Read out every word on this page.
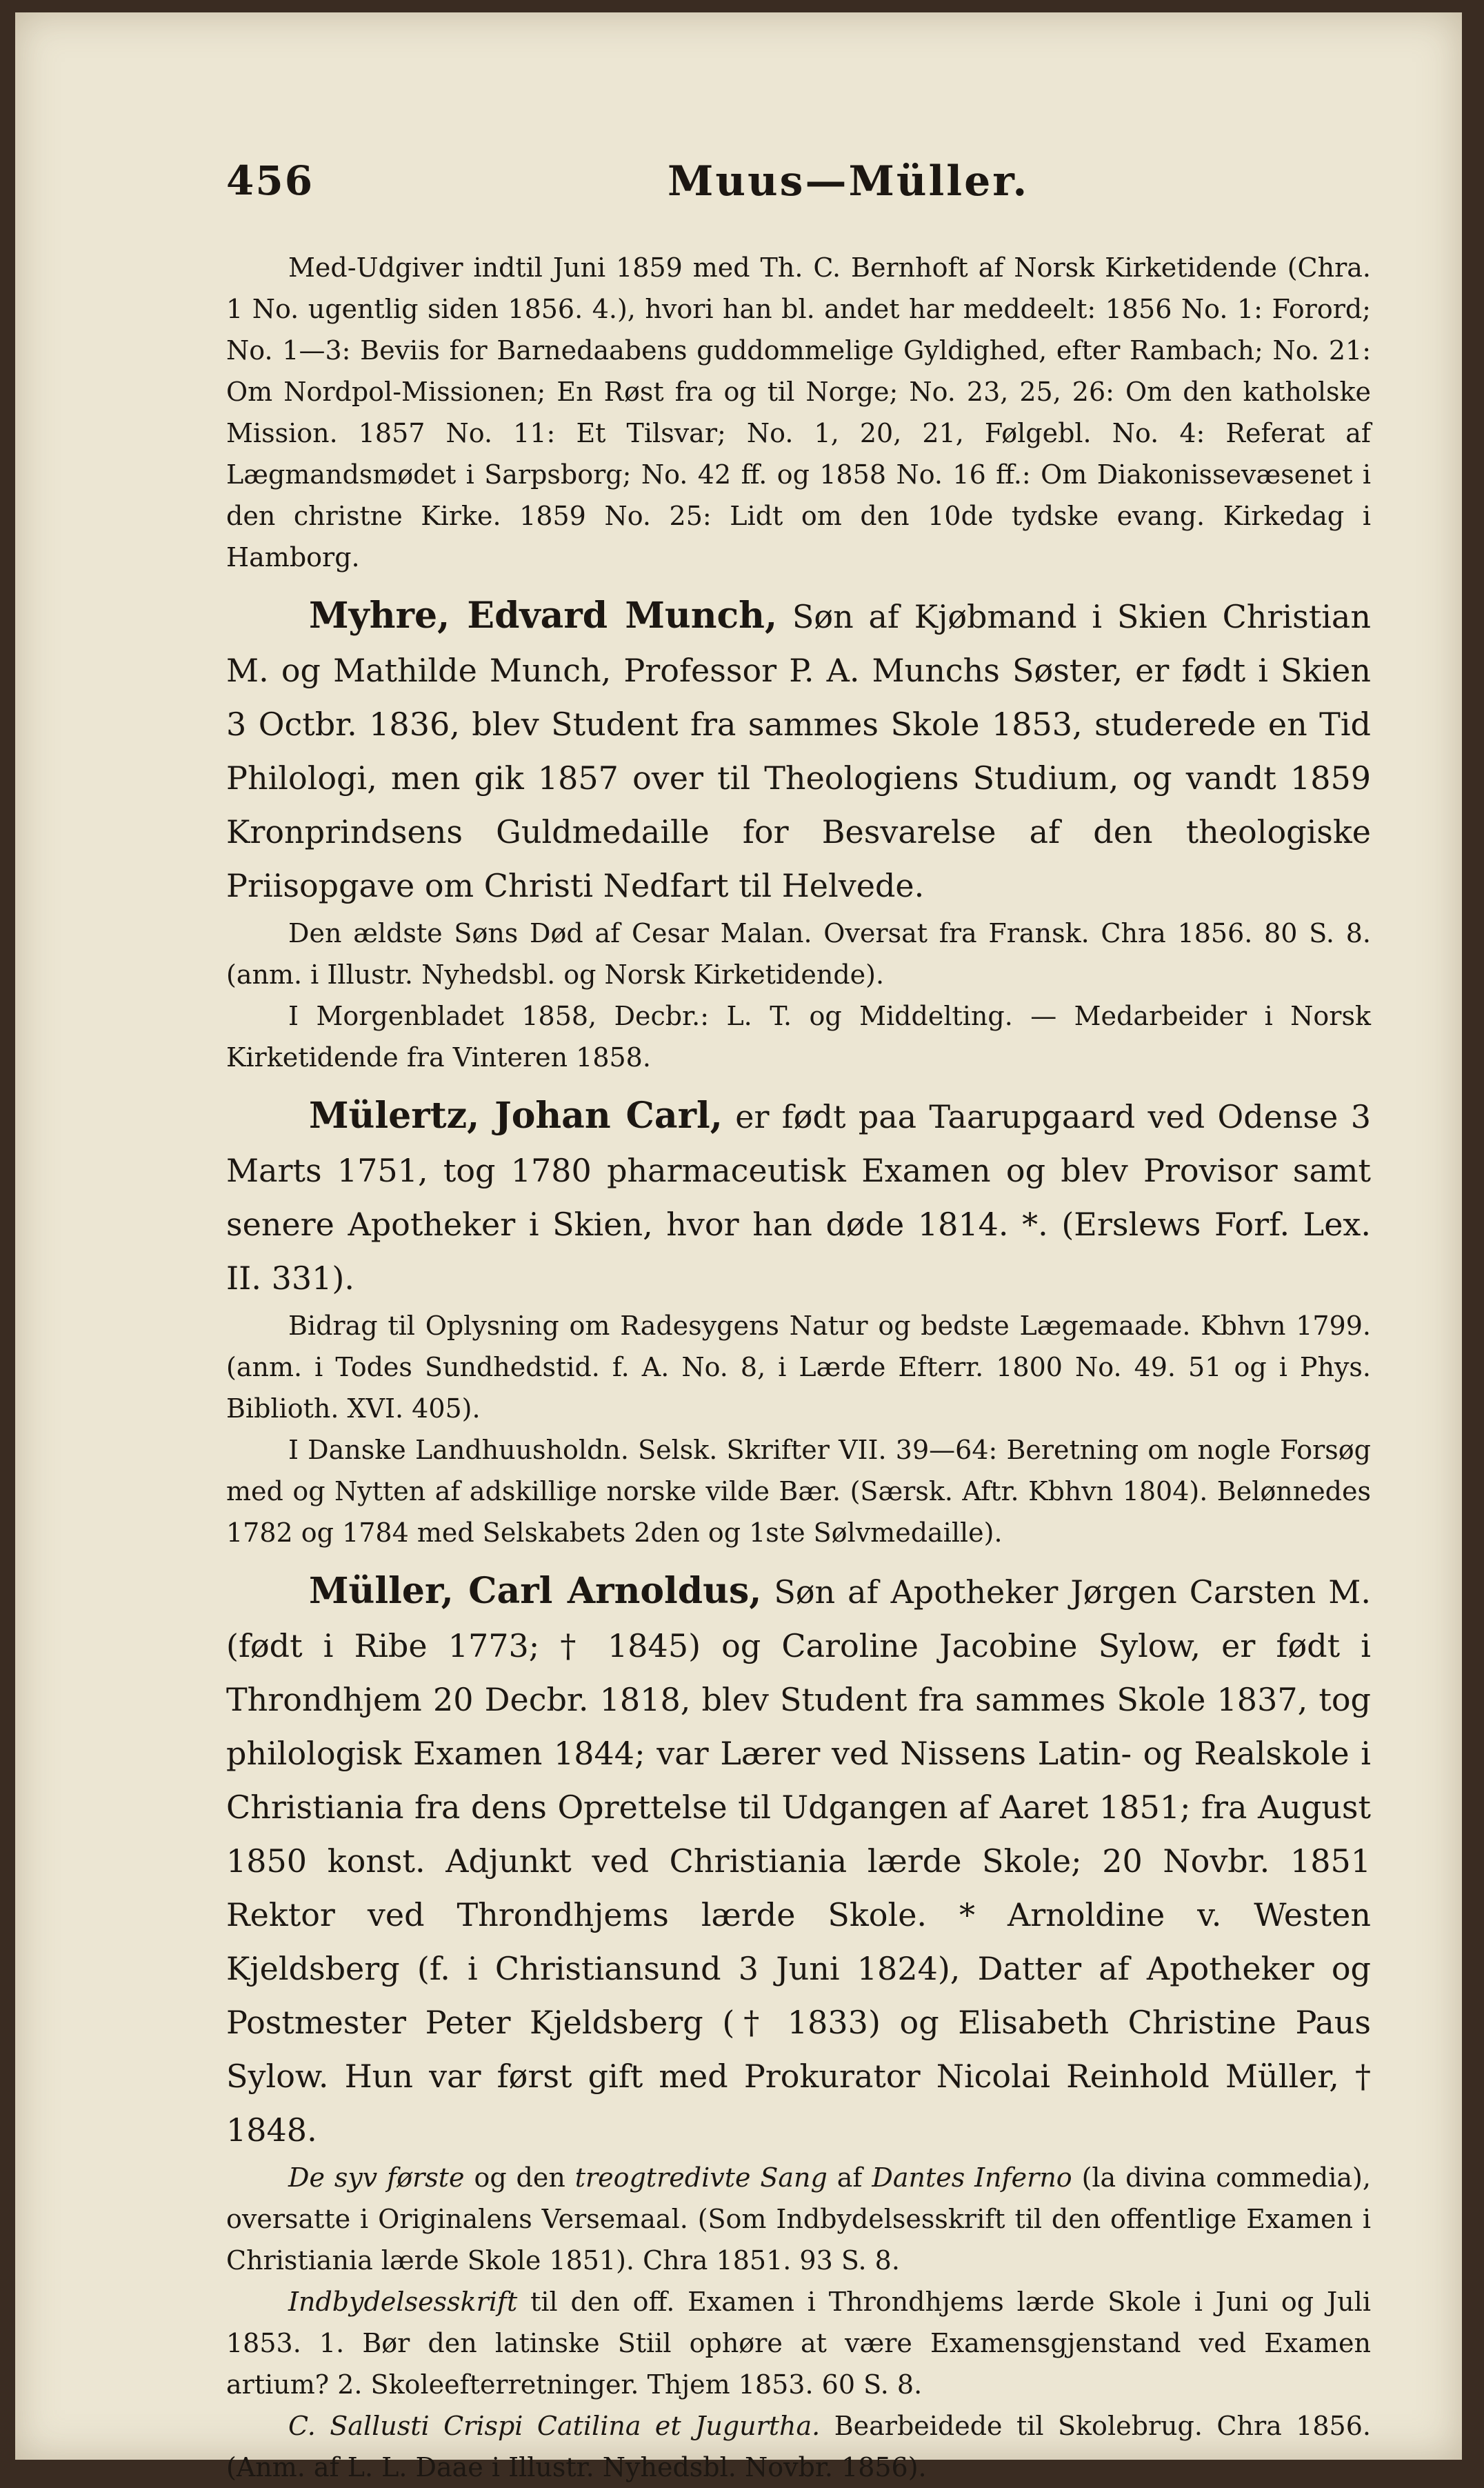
456	Muus—Müller.

Med-Udgiver indtil Juni 1859 med Th. C. Bernhoft af Norsk Kirketidende (Chra. 1 No. ugentlig siden 1856. 4.), hvori han bl. andet har meddeelt: 1856 No. 1: Forord; No. 1—3: Beviis for Barnedaabens guddommelige Gyldighed, efter Rambach; No. 21: Om Nordpol-Missionen; En Røst fra og til Norge; No. 23, 25, 26: Om den katholske Mission. 1857 No. 11: Et Tilsvar; No. 1, 20, 21, Følgebl. No. 4: Referat af Lægmandsmødet i Sarpsborg; No. 42 ff. og 1858 No. 16 ff.: Om Diakonissevæsenet i den christne Kirke. 1859 No. 25: Lidt om den 10de tydske evang. Kirkedag i Hamborg.

Myhre, Edvard Munch, Søn af Kjøbmand i Skien Christian M. og Mathilde Munch, Professor P. A. Munchs Søster, er født i Skien 3 Octbr. 1836, blev Student fra sammes Skole 1853, studerede en Tid Philologi, men gik 1857 over til Theologiens Studium, og vandt 1859 Kronprindsens Guldmedaille for Besvarelse af den theologiske Priisopgave om Christi Nedfart til Helvede.

Den ældste Søns Død af Cesar Malan. Oversat fra Fransk. Chra 1856. 80 S. 8. (anm. i Illustr. Nyhedsbl. og Norsk Kirketidende).

I Morgenbladet 1858, Decbr.: L. T. og Middelting. — Medarbeider i Norsk Kirketidende fra Vinteren 1858.

Mülertz, Johan Carl, er født paa Taarupgaard ved Odense 3 Marts 1751, tog 1780 pharmaceutisk Examen og blev Provisor samt senere Apotheker i Skien, hvor han døde 1814. *. (Erslews Forf. Lex. II. 331).

Bidrag til Oplysning om Radesygens Natur og bedste Lægemaade. Kbhvn 1799. (anm. i Todes Sundhedstid. f. A. No. 8, i Lærde Efterr. 1800 No. 49. 51 og i Phys. Biblioth. XVI. 405).

I Danske Landhuusholdn. Selsk. Skrifter VII. 39—64: Beretning om nogle Forsøg med og Nytten af adskillige norske vilde Bær. (Særsk. Aftr. Kbhvn 1804). Belønnedes 1782 og 1784 med Selskabets 2den og 1ste Sølvmedaille).

Müller, Carl Arnoldus, Søn af Apotheker Jørgen Carsten M. (født i Ribe 1773; † 1845) og Caroline Jacobine Sylow, er født i Throndhjem 20 Decbr. 1818, blev Student fra sammes Skole 1837, tog philologisk Examen 1844; var Lærer ved Nissens Latin- og Realskole i Christiania fra dens Oprettelse til Udgangen af Aaret 1851; fra August 1850 konst. Adjunkt ved Christiania lærde Skole; 20 Novbr. 1851 Rektor ved Throndhjems lærde Skole. * Arnoldine v. Westen Kjeldsberg (f. i Christiansund 3 Juni 1824), Datter af Apotheker og Postmester Peter Kjeldsberg († 1833) og Elisabeth Christine Paus Sylow. Hun var først gift med Prokurator Nicolai Reinhold Müller, † 1848.

De syv første og den treogtredivte Sang af Dantes Inferno (la divina commedia), oversatte i Originalens Versemaal. (Som Indbydelsesskrift til den offentlige Examen i Christiania lærde Skole 1851). Chra 1851. 93 S. 8.

Indbydelsesskrift til den off. Examen i Throndhjems lærde Skole i Juni og Juli 1853. 1. Bør den latinske Stiil ophøre at være Examensgjenstand ved Examen artium? 2. Skoleefterretninger. Thjem 1853. 60 S. 8.

C. Sallusti Crispi Catilina et Jugurtha. Bearbeidede til Skolebrug. Chra 1856. (Anm. af L. L. Daae i Illustr. Nyhedsbl. Novbr. 1856).
